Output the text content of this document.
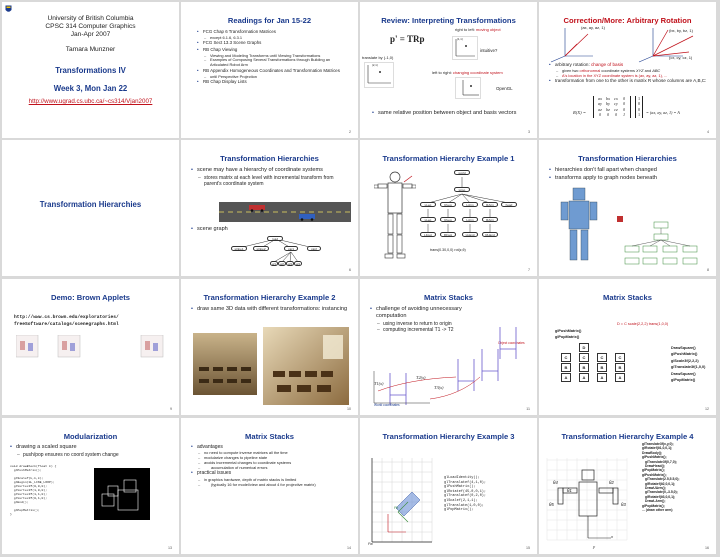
University of British Columbia
CPSC 314 Computer Graphics
Jan-Apr 2007
Tamara Munzner
Transformations IV
Week 3, Mon Jan 22
http://www.ugrad.cs.ubc.ca/~cs314/Vjan2007
Readings for Jan 15-22
• FCG Chap 6 Transformation Matrices
– except 6.1.6, 6.3.1
• FCG Sect 13.3 Scene Graphs
• RB Chap Viewing
– Viewing and Modeling Transforms until Viewing Transformations
– Examples of Composing Several Transformations through Building an Articulated Robot Arm
• RB Appendix Homogeneous Coordinates and Transformation Matrices
– until Perspective Projection
• RB Chap Display Lists
2
Review: Interpreting Transformations
right to left: moving object
p' = TRp
translate by (-1,0)
intuitive?
(2,1)
(1,1)
left to right: changing coordinate system
OpenGL
• same relative position between object and basis vectors
3
Correction/More: Arbitrary Rotation
(ax, ay, az, 1)
(bx, by, bz, 1)
(cx, cy, cz, 1)
• arbitrary rotation: change of basis
– given two orthonormal coordinate systems XYZ and ABC
– A's location in the XYZ coordinate system is (ax, ay, az, 1), ...
• transformation from one to the other is matrix R whose columns are A,B,C:
R(X) =
ax bx cx 0
ay by cy 0
az bz cz 0
0 0 0 1
1
0
0
1 = (ax, ay, az, 1) = A
4
Transformation Hierarchies
Transformation Hierarchies
• scene may have a hierarchy of coordinate systems
– stores matrix at each level with incremental transform from parent's coordinate system
• scene graph
road
stripe1	stripe2	car1	car2
w1	w2	w3	w4
6
Transformation Hierarchy Example 1
world
torso
LLeg	RLeg	LArm	RArm	head
LLeg	RLeg	LArm	RArm
LFoot	RFoot	LHand	RHand
trans(0.30,0,0) rot(z,θ)
7
Transformation Hierarchies
• hierarchies don't fall apart when changed
• transforms apply to graph nodes beneath
8
Demo: Brown Applets
http://www.cs.brown.edu/exploratories/
freeSoftware/catalogs/scenegraphs.html
9
Transformation Hierarchy Example 2
• draw same 3D data with different transformations: instancing
10
Matrix Stacks
• challenge of avoiding unnecessary computation
– using inverse to return to origin
– computing incremental T1 -> T2
Object coordinates
T1(x)
T2(x)
T3(x)
World coordinates
11
Matrix Stacks
D = C scale(2,2,2) trans(1,0,0)
glPushMatrix()
glPopMatrix()
C
B
A
D
C
B
A
C
B
A
C
B
A
DrawSquare()
glPushMatrix()
glScale3f(2,2,2)
glTranslate3f(1,0,0)
DrawSquare()
glPopMatrix()
12
Modularization
• drawing a scaled square
– push/pop ensures no coord system change
void drawBlock(float k) {
glPushMatrix();

glScalef(k,k,k);
glBegin(GL_LINE_LOOP);
glVertex3f(0,0,0);
glVertex3f(1,0,0);
glVertex3f(1,1,0);
glVertex3f(0,1,0);
glEnd();

glPopMatrix();
}
13
Matrix Stacks
• advantages
– no need to compute inverse matrices all the time
– modularize changes to pipeline state
– avoids incremental changes to coordinate systems
– accumulation of numerical errors
• practical issues
– in graphics hardware, depth of matrix stacks is limited
– (typically 16 for model/view and about 4 for projective matrix)
14
Transformation Hierarchy Example 3
Fh
Fw
glLoadIdentity();
glTranslatef(4,1,0);
glPushMatrix();
glRotatef(45,0,0,1);
glTranslatef(0,2,0);
glScalef(2,1,1);
glTranslate(1,0,0);
glPopMatrix();
15
Transformation Hierarchy Example 4
θ1
θ2
θ3
θ4
θ5
x
y
glTranslate3f(x,y,0);
glRotatef(θ1,0,0,1);
DrawBody();
glPushMatrix();
glTranslate3f(0,7,0);
DrawHead();
glPopMatrix();
glPushMatrix();
glTranslate(2.5,5.5,0);
glRotatef(θ2,0,0,1);
DrawUArm();
glTranslate(0,-3.5,0);
glRotatef(θ3,0,0,1);
DrawLArm();
glPopMatrix();
... (draw other arm)
16
